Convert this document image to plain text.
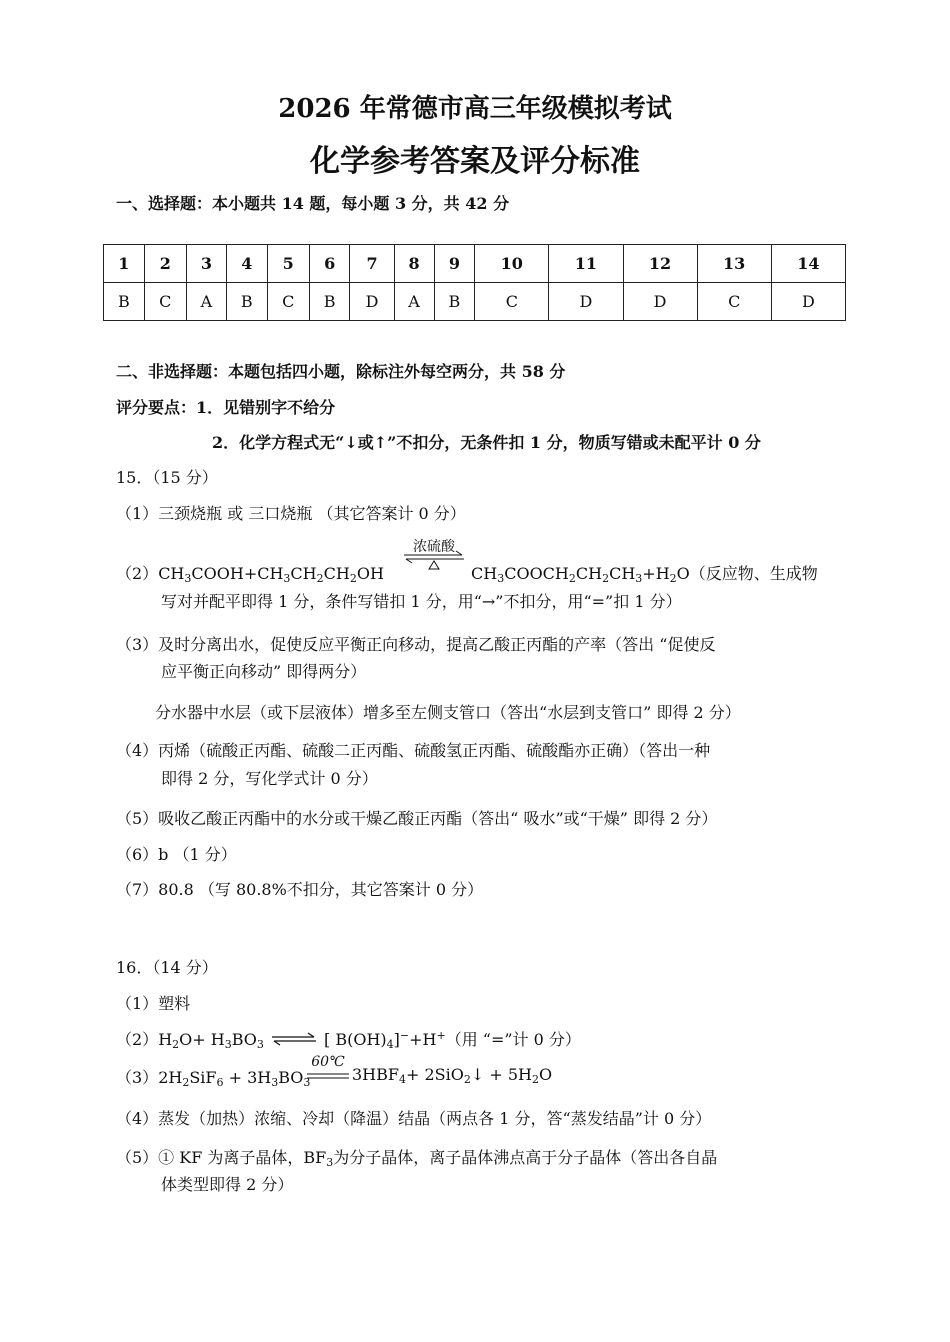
2026 年常德市高三年级模拟考试
化学参考答案及评分标准
一、选择题：本小题共 14 题，每小题 3 分，共 42 分
1	2	3	4	5	6	7	8	9	10	11	12	13	14
B	C	A	B	C	B	D	A	B	C	D	D	C	D
二、非选择题：本题包括四小题，除标注外每空两分，共 58 分
评分要点：1．见错别字不给分
2．化学方程式无“↓或↑”不扣分，无条件扣 1 分，物质写错或未配平计 0 分
15．（15 分）
（1）三颈烧瓶 或 三口烧瓶 （其它答案计 0 分）
$(2)CH_3COOH+CH_3CH_2CH_2OH$
浓硫酸
$CH_3COOCH_2CH_2CH_3+H_2O$（反应物、生成物
写对并配平即得 1 分，条件写错扣 1 分，用“→”不扣分，用“=”扣 1 分）
（3）及时分离出水，促使反应平衡正向移动，提高乙酸正丙酯的产率（答出 “促使反
应平衡正向移动” 即得两分）
分水器中水层（或下层液体）增多至左侧支管口（答出“水层到支管口” 即得 2 分）
（4）丙烯（硫酸正丙酯、硫酸二正丙酯、硫酸氢正丙酯、硫酸酯亦正确）（答出一种
即得 2 分，写化学式计 0 分）
（5）吸收乙酸正丙酯中的水分或干燥乙酸正丙酯（答出“ 吸水”或“干燥” 即得 2 分）
（6）b （1 分）
（7）80.8 （写 80.8%不扣分，其它答案计 0 分）
16．（14 分）
（1）塑料
$(2)H_2O+ H_3BO_3$ ⇌ [ $B(OH)_4]^-+H^+$（用 “=”计 0 分）
$(3)2H_2SiF_6 + 3H_3BO_3$
60℃
$3HBF_4+$ 2SiO$_2$↓ + $5H_2O$
（4）蒸发（加热）浓缩、冷却（降温）结晶（两点各 1 分，答“蒸发结晶”计 0 分）
（5）① KF 为离子晶体，$BF_3$为分子晶体，离子晶体沸点高于分子晶体（答出各自晶
体类型即得 2 分）
